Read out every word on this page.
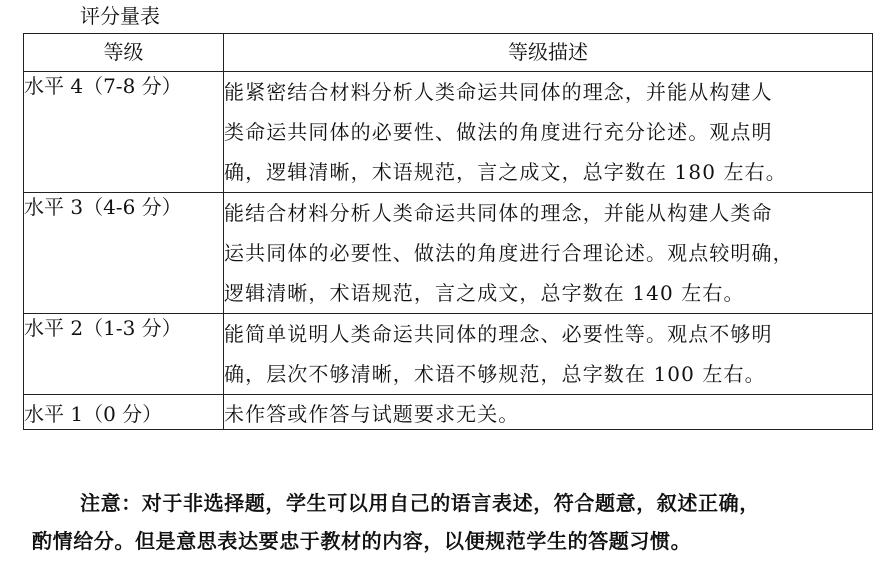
评分量表
等级	等级描述
水平 4（7-8 分）	能紧密结合材料分析人类命运共同体的理念，并能从构建人
类命运共同体的必要性、做法的角度进行充分论述。观点明
确，逻辑清晰，术语规范，言之成文，总字数在 180 左右。

水平 3（4-6 分）	能结合材料分析人类命运共同体的理念，并能从构建人类命
运共同体的必要性、做法的角度进行合理论述。观点较明确，
逻辑清晰，术语规范，言之成文，总字数在 140 左右。

水平 2（1-3 分）	能简单说明人类命运共同体的理念、必要性等。观点不够明
确，层次不够清晰，术语不够规范，总字数在 100 左右。

水平 1（0 分）	未作答或作答与试题要求无关。
注意：对于非选择题，学生可以用自己的语言表述，符合题意，叙述正确，
酌情给分。但是意思表达要忠于教材的内容，以便规范学生的答题习惯。
